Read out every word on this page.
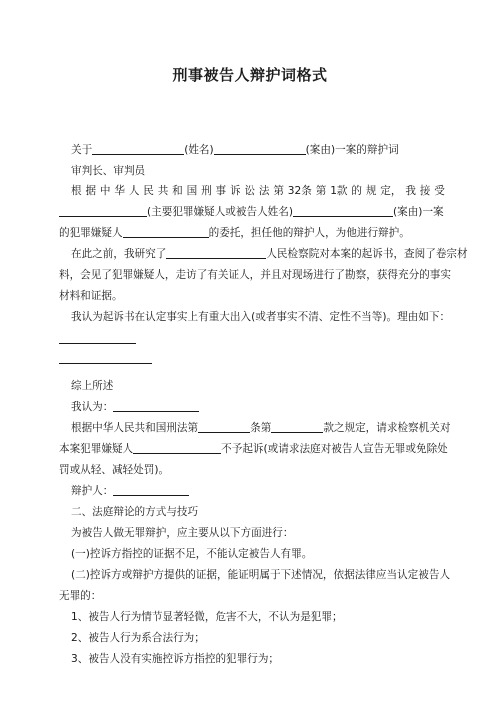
刑事被告人辩护词格式
关于	(姓名)	(案由)一案的辩护词
审判长、审判员
根 据 中 华 人 民 共 和 国 刑 事 诉 讼 法 第 32条 第 1款 的 规 定， 我 接 受
(主要犯罪嫌疑人或被告人姓名)	(案由)一案
的犯罪嫌疑人	的委托，担任他的辩护人，为他进行辩护。
在此之前，我研究了	人民检察院对本案的起诉书，查阅了卷宗材
料，会见了犯罪嫌疑人，走访了有关证人，并且对现场进行了勘察，获得充分的事实
材料和证据。
我认为起诉书在认定事实上有重大出入(或者事实不清、定性不当等)。理由如下：
综上所述
我认为：
根据中华人民共和国刑法第	条第	款之规定，请求检察机关对
本案犯罪嫌疑人	不予起诉(或请求法庭对被告人宣告无罪或免除处
罚或从轻、减轻处罚)。
辩护人：
二、法庭辩论的方式与技巧
为被告人做无罪辩护，应主要从以下方面进行：
(一)控诉方指控的证据不足，不能认定被告人有罪。
(二)控诉方或辩护方提供的证据，能证明属于下述情况，依据法律应当认定被告人
无罪的：
1、被告人行为情节显著轻微，危害不大，不认为是犯罪；
2、被告人行为系合法行为；
3、被告人没有实施控诉方指控的犯罪行为；
